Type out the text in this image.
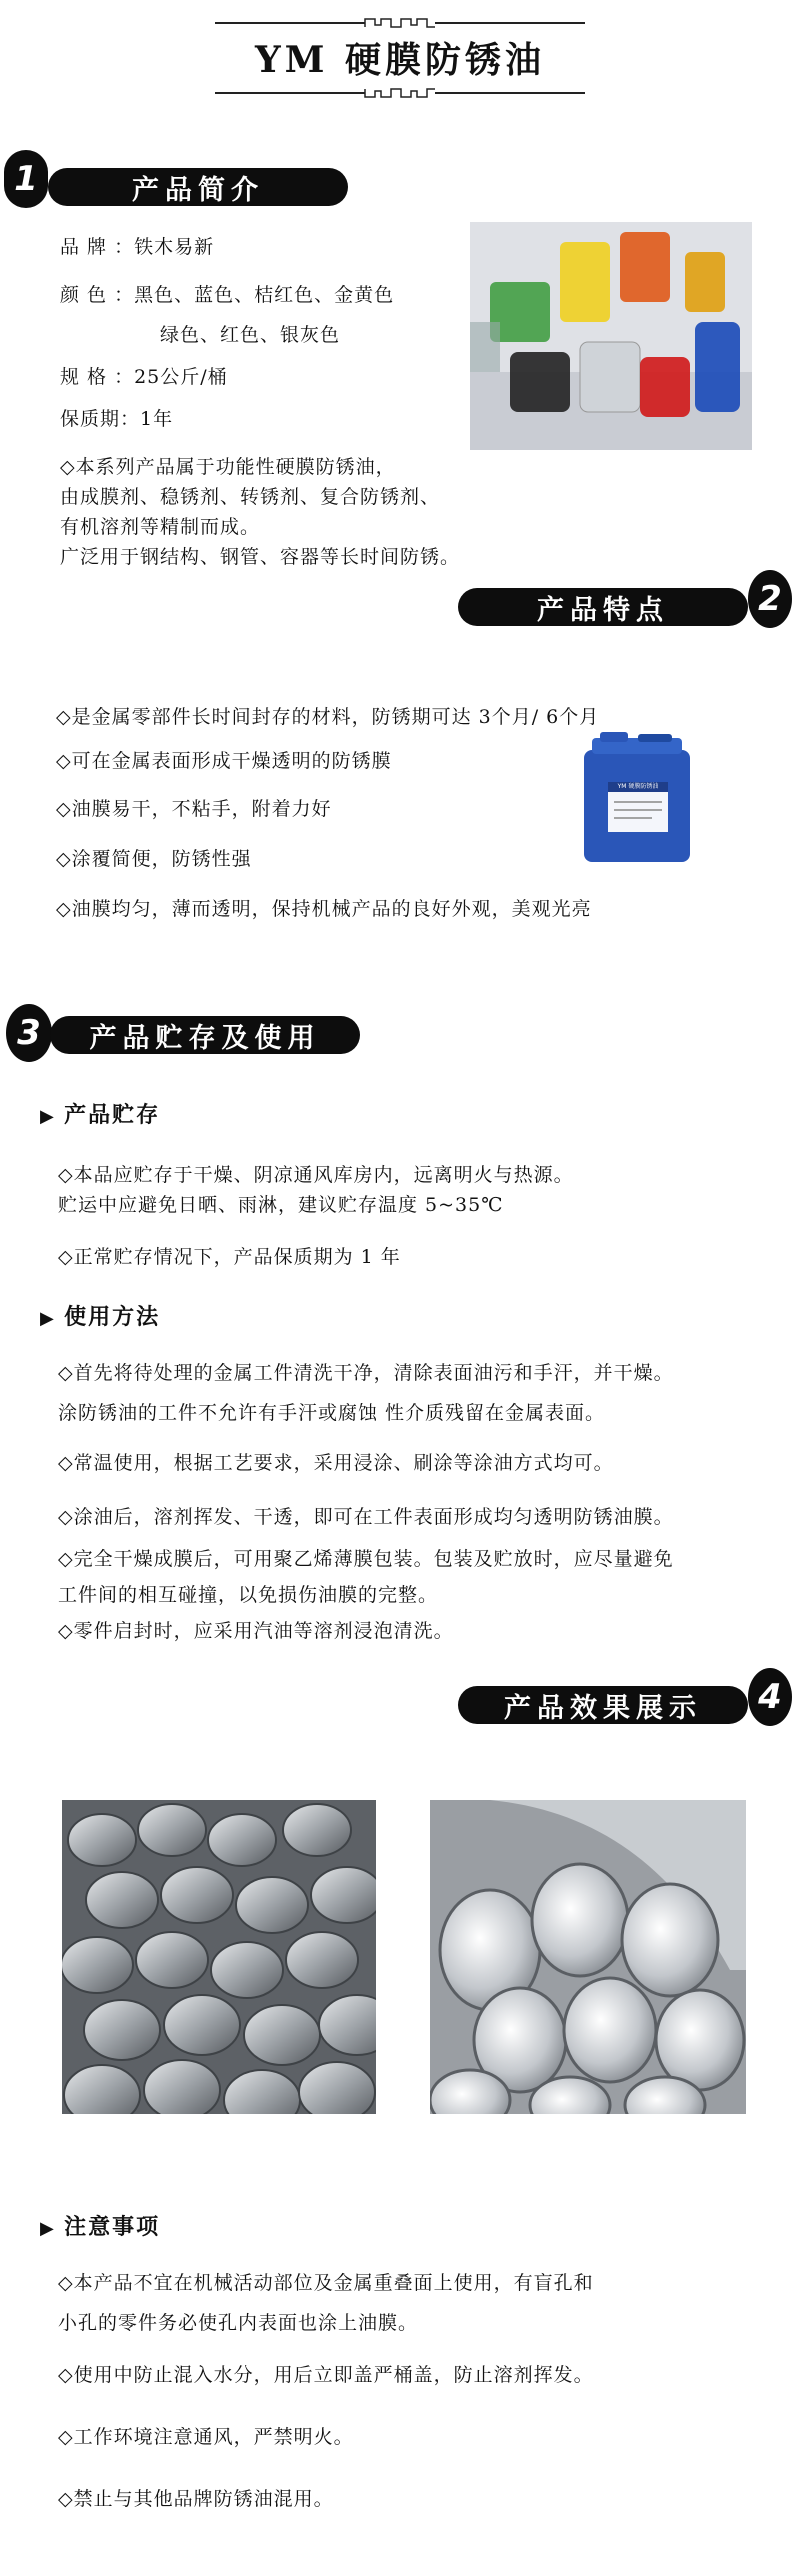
YM 硬膜防锈油
1	产品简介
品 牌 ：铁木易新
颜 色 ：黑色、蓝色、桔红色、金黄色
绿色、红色、银灰色
规 格 ：25公斤/桶
保质期：1年
◇本系列产品属于功能性硬膜防锈油，
由成膜剂、稳锈剂、转锈剂、复合防锈剂、
有机溶剂等精制而成。
广泛用于钢结构、钢管、容器等长时间防锈。
产品特点	2
◇是金属零部件长时间封存的材料，防锈期可达 3个月/ 6个月
◇可在金属表面形成干燥透明的防锈膜
◇油膜易干，不粘手，附着力好
◇涂覆简便，防锈性强
◇油膜均匀，薄而透明，保持机械产品的良好外观，美观光亮
YM 硬膜防锈油
3	产品贮存及使用
▶ 产品贮存
◇本品应贮存于干燥、阴凉通风库房内，远离明火与热源。
贮运中应避免日晒、雨淋，建议贮存温度 5~35℃
◇正常贮存情况下，产品保质期为 1 年
▶ 使用方法
◇首先将待处理的金属工件清洗干净，清除表面油污和手汗，并干燥。
涂防锈油的工件不允许有手汗或腐蚀 性介质残留在金属表面。
◇常温使用，根据工艺要求，采用浸涂、刷涂等涂油方式均可。
◇涂油后，溶剂挥发、干透，即可在工件表面形成均匀透明防锈油膜。
◇完全干燥成膜后，可用聚乙烯薄膜包装。包装及贮放时，应尽量避免
工件间的相互碰撞，以免损伤油膜的完整。
◇零件启封时，应采用汽油等溶剂浸泡清洗。
产品效果展示	4
▶ 注意事项
◇本产品不宜在机械活动部位及金属重叠面上使用，有盲孔和
小孔的零件务必使孔内表面也涂上油膜。
◇使用中防止混入水分，用后立即盖严桶盖，防止溶剂挥发。
◇工作环境注意通风，严禁明火。
◇禁止与其他品牌防锈油混用。
